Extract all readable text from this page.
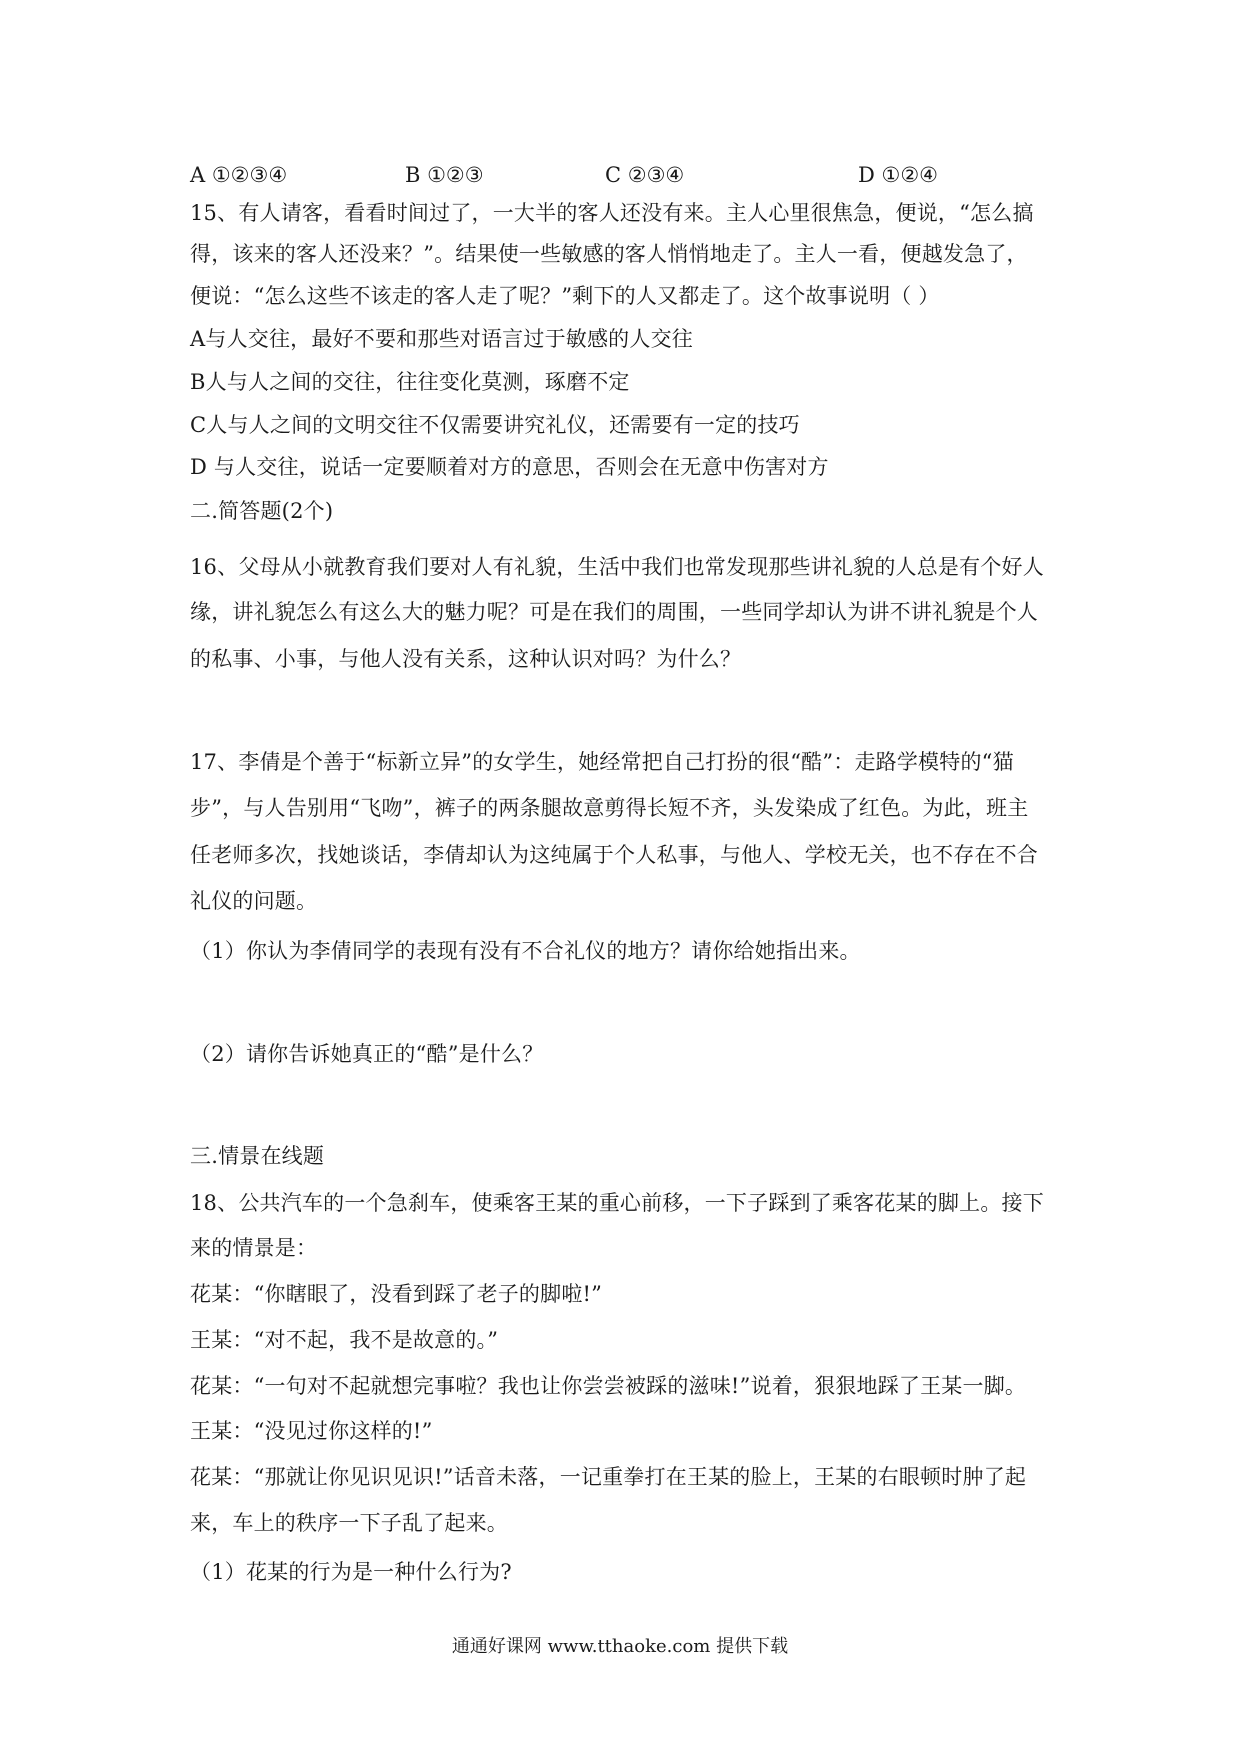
A ①②③④	B ①②③	C ②③④	D ①②④
15、有人请客，看看时间过了，一大半的客人还没有来。主人心里很焦急，便说，“怎么搞
得，该来的客人还没来？”。结果使一些敏感的客人悄悄地走了。主人一看，便越发急了，
便说：“怎么这些不该走的客人走了呢？”剩下的人又都走了。这个故事说明（ ）
A与人交往，最好不要和那些对语言过于敏感的人交往
B人与人之间的交往，往往变化莫测，琢磨不定
C人与人之间的文明交往不仅需要讲究礼仪，还需要有一定的技巧
D 与人交往，说话一定要顺着对方的意思，否则会在无意中伤害对方
二.简答题(2个)
16、父母从小就教育我们要对人有礼貌，生活中我们也常发现那些讲礼貌的人总是有个好人
缘，讲礼貌怎么有这么大的魅力呢？可是在我们的周围，一些同学却认为讲不讲礼貌是个人
的私事、小事，与他人没有关系，这种认识对吗？为什么？
17、李倩是个善于“标新立异”的女学生，她经常把自己打扮的很“酷”：走路学模特的“猫
步”，与人告别用“飞吻”，裤子的两条腿故意剪得长短不齐，头发染成了红色。为此，班主
任老师多次，找她谈话，李倩却认为这纯属于个人私事，与他人、学校无关，也不存在不合
礼仪的问题。
（1）你认为李倩同学的表现有没有不合礼仪的地方？请你给她指出来。
（2）请你告诉她真正的“酷”是什么？
三.情景在线题
18、公共汽车的一个急刹车，使乘客王某的重心前移，一下子踩到了乘客花某的脚上。接下
来的情景是：
花某：“你瞎眼了，没看到踩了老子的脚啦!”
王某：“对不起，我不是故意的。”
花某：“一句对不起就想完事啦？我也让你尝尝被踩的滋味!”说着，狠狠地踩了王某一脚。
王某：“没见过你这样的!”
花某：“那就让你见识见识!”话音未落，一记重拳打在王某的脸上，王某的右眼顿时肿了起
来，车上的秩序一下子乱了起来。
（1）花某的行为是一种什么行为?
通通好课网 www.tthaoke.com 提供下载
